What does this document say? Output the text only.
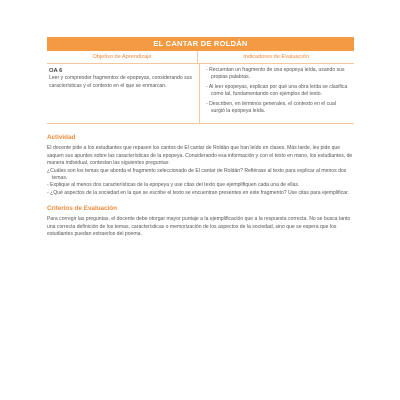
EL CANTAR DE ROLDÁN
Objetivo de Aprendizaje	Indicadores de Evaluación
OA 6
Leer y comprender fragmentos de epopeyas, considerando sus características y el contexto en el que se enmarcan.
- Recuentan un fragmento de una epopeya leída, usando sus propias palabras.
- Al leer epopeyas, explican por qué una obra leída se clasifica como tal, fundamentando con ejemplos del texto.
- Describen, en términos generales, el contexto en el cual surgió la epopeya leída.
Actividad
El docente pide a los estudiantes que repasen los cantos de El cantar de Roldán que han leído en clases. Más tarde, les pide que saquen sus apuntes sobre las características de la epopeya. Considerando esa información y con el texto en mano, los estudiantes, de manera individual, contestan las siguientes preguntas:
¿Cuáles son los temas que aborda el fragmento seleccionado de El cantar de Roldán? Refiérase al texto para explicar al menos dos temas.
- Explique al menos dos características de la epopeya y use citas del texto que ejemplifiquen cada una de ellas.
- ¿Qué aspectos de la sociedad en la que se escribe el texto se encuentran presentes en este fragmento? Use citas para ejemplificar.
Criterios de Evaluación
Para corregir las preguntas, el docente debe otorgar mayor puntaje a la ejemplificación que a la respuesta correcta. No se busca tanto una correcta definición de los temas, características o memorización de los aspectos de la sociedad, sino que se espera que los estudiantes puedan extraerlos del poema.
